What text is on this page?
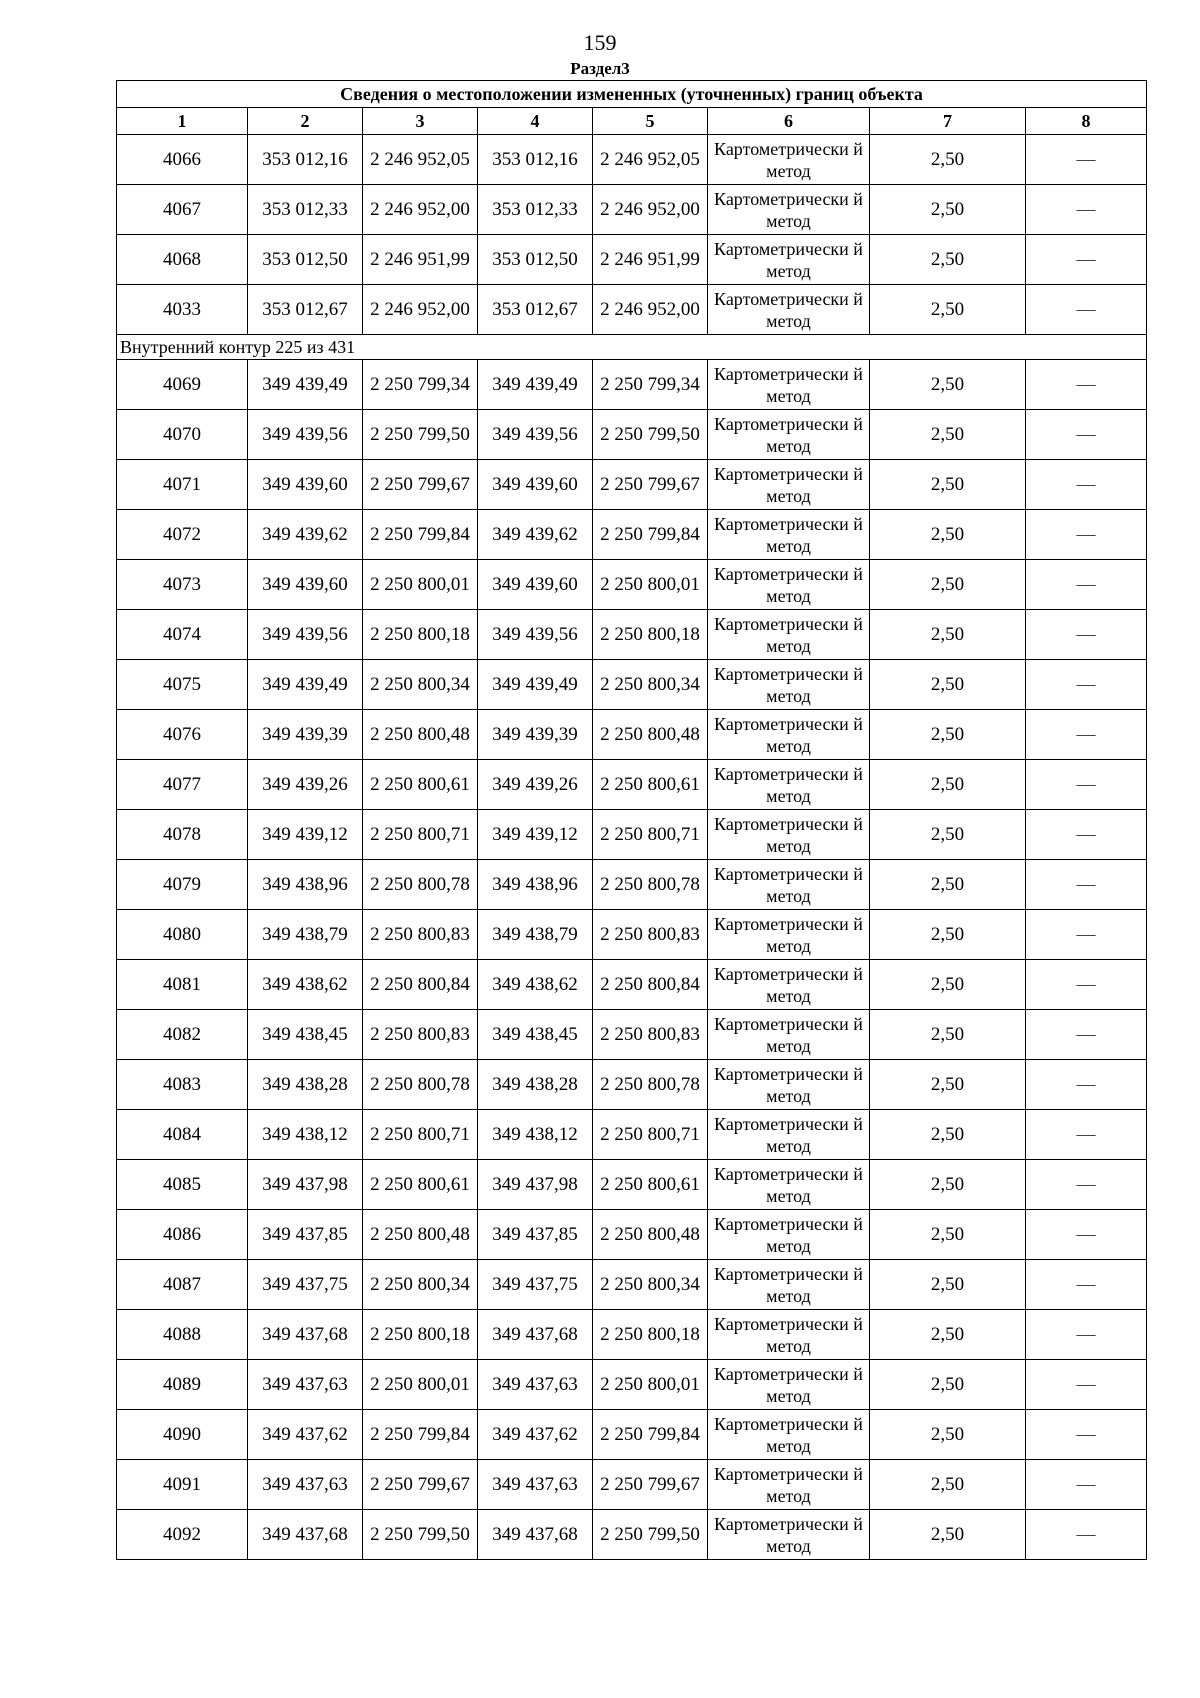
159
Раздел3
Сведения о местоположении измененных (уточненных) границ объекта							
1	2	3	4	5	6	7	8
4066	353 012,16	2 246 952,05	353 012,16	2 246 952,05	Картометрически й метод	2,50	—
4067	353 012,33	2 246 952,00	353 012,33	2 246 952,00	Картометрически й метод	2,50	—
4068	353 012,50	2 246 951,99	353 012,50	2 246 951,99	Картометрически й метод	2,50	—
4033	353 012,67	2 246 952,00	353 012,67	2 246 952,00	Картометрически й метод	2,50	—
Внутренний контур 225 из 431							
4069	349 439,49	2 250 799,34	349 439,49	2 250 799,34	Картометрически й метод	2,50	—
4070	349 439,56	2 250 799,50	349 439,56	2 250 799,50	Картометрически й метод	2,50	—
4071	349 439,60	2 250 799,67	349 439,60	2 250 799,67	Картометрически й метод	2,50	—
4072	349 439,62	2 250 799,84	349 439,62	2 250 799,84	Картометрически й метод	2,50	—
4073	349 439,60	2 250 800,01	349 439,60	2 250 800,01	Картометрически й метод	2,50	—
4074	349 439,56	2 250 800,18	349 439,56	2 250 800,18	Картометрически й метод	2,50	—
4075	349 439,49	2 250 800,34	349 439,49	2 250 800,34	Картометрически й метод	2,50	—
4076	349 439,39	2 250 800,48	349 439,39	2 250 800,48	Картометрически й метод	2,50	—
4077	349 439,26	2 250 800,61	349 439,26	2 250 800,61	Картометрически й метод	2,50	—
4078	349 439,12	2 250 800,71	349 439,12	2 250 800,71	Картометрически й метод	2,50	—
4079	349 438,96	2 250 800,78	349 438,96	2 250 800,78	Картометрически й метод	2,50	—
4080	349 438,79	2 250 800,83	349 438,79	2 250 800,83	Картометрически й метод	2,50	—
4081	349 438,62	2 250 800,84	349 438,62	2 250 800,84	Картометрически й метод	2,50	—
4082	349 438,45	2 250 800,83	349 438,45	2 250 800,83	Картометрически й метод	2,50	—
4083	349 438,28	2 250 800,78	349 438,28	2 250 800,78	Картометрически й метод	2,50	—
4084	349 438,12	2 250 800,71	349 438,12	2 250 800,71	Картометрически й метод	2,50	—
4085	349 437,98	2 250 800,61	349 437,98	2 250 800,61	Картометрически й метод	2,50	—
4086	349 437,85	2 250 800,48	349 437,85	2 250 800,48	Картометрически й метод	2,50	—
4087	349 437,75	2 250 800,34	349 437,75	2 250 800,34	Картометрически й метод	2,50	—
4088	349 437,68	2 250 800,18	349 437,68	2 250 800,18	Картометрически й метод	2,50	—
4089	349 437,63	2 250 800,01	349 437,63	2 250 800,01	Картометрически й метод	2,50	—
4090	349 437,62	2 250 799,84	349 437,62	2 250 799,84	Картометрически й метод	2,50	—
4091	349 437,63	2 250 799,67	349 437,63	2 250 799,67	Картометрически й метод	2,50	—
4092	349 437,68	2 250 799,50	349 437,68	2 250 799,50	Картометрически й метод	2,50	—
